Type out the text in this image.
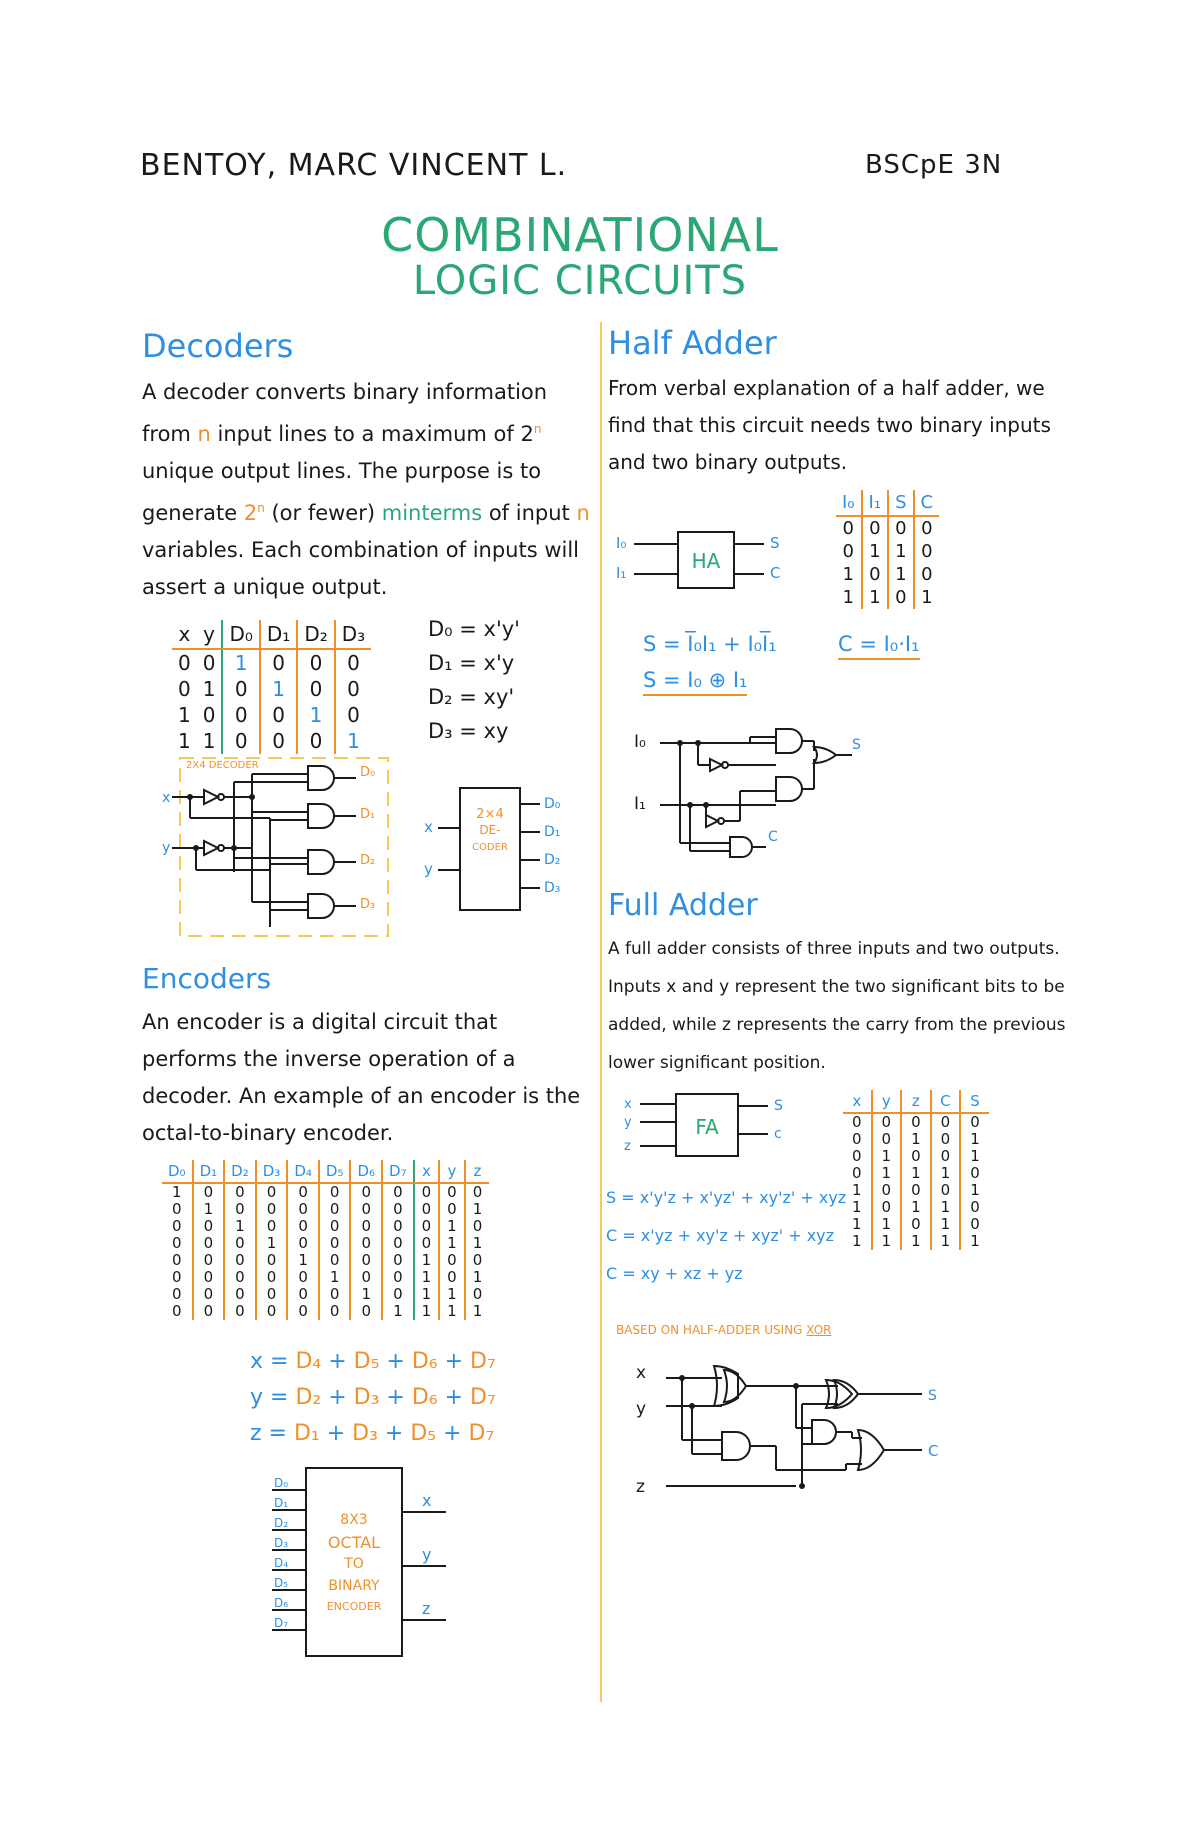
BENTOY, MARC VINCENT L.	BSCpE 3N
COMBINATIONAL
LOGIC CIRCUITS
Decoders
A decoder converts binary information from n input lines to a maximum of 2$^n$ unique output lines. The purpose is to generate 2$^n$ (or fewer) minterms of input n variables. Each combination of inputs will assert a unique output.
x	y	D₀	D₁	D₂	D₃
0	0	1	0	0	0
0	1	0	1	0	0
1	0	0	0	1	0
1	1	0	0	0	1
D₀ = x'y'
D₁ = x'y
D₂ = xy'
D₃ = xy
2X4 DECODER
x
y
D₀
D₁
D₂
D₃
2×4
DE-
CODER
x
y
D₀
D₁
D₂
D₃
Encoders
An encoder is a digital circuit that performs the inverse operation of a decoder. An example of an encoder is the octal-to-binary encoder.
D₀	D₁	D₂	D₃	D₄	D₅	D₆	D₇	x	y	z
1	0	0	0	0	0	0	0	0	0	0
0	1	0	0	0	0	0	0	0	0	1
0	0	1	0	0	0	0	0	0	1	0
0	0	0	1	0	0	0	0	0	1	1
0	0	0	0	1	0	0	0	1	0	0
0	0	0	0	0	1	0	0	1	0	1
0	0	0	0	0	0	1	0	1	1	0
0	0	0	0	0	0	0	1	1	1	1
x = D₄ + D₅ + D₆ + D₇
y = D₂ + D₃ + D₆ + D₇
z = D₁ + D₃ + D₅ + D₇
8X3
OCTAL
TO
BINARY
ENCODER
D₀
D₁
D₂
D₃
D₄
D₅
D₆
D₇
x
y
z
Half Adder
From verbal explanation of a half adder, we find that this circuit needs two binary inputs and two binary outputs.
HA
I₀
I₁
S
C
I₀	I₁	S	C
0	0	0	0
0	1	1	0
1	0	1	0
1	1	0	1
S = I̅₀I₁ + I₀I̅₁
S = I₀ ⊕ I₁
C = I₀·I₁
I₀
I₁
S
C
Full Adder
A full adder consists of three inputs and two outputs. Inputs x and y represent the two significant bits to be added, while z represents the carry from the previous lower significant position.
FA
x
y
z
S
c
x	y	z	C	S
0	0	0	0	0
0	0	1	0	1
0	1	0	0	1
0	1	1	1	0
1	0	0	0	1
1	0	1	1	0
1	1	0	1	0
1	1	1	1	1
S = x'y'z + x'yz' + xy'z' + xyz
C = x'yz + xy'z + xyz' + xyz
C = xy + xz + yz
BASED ON HALF-ADDER USING XOR
x
y
z
S
C
